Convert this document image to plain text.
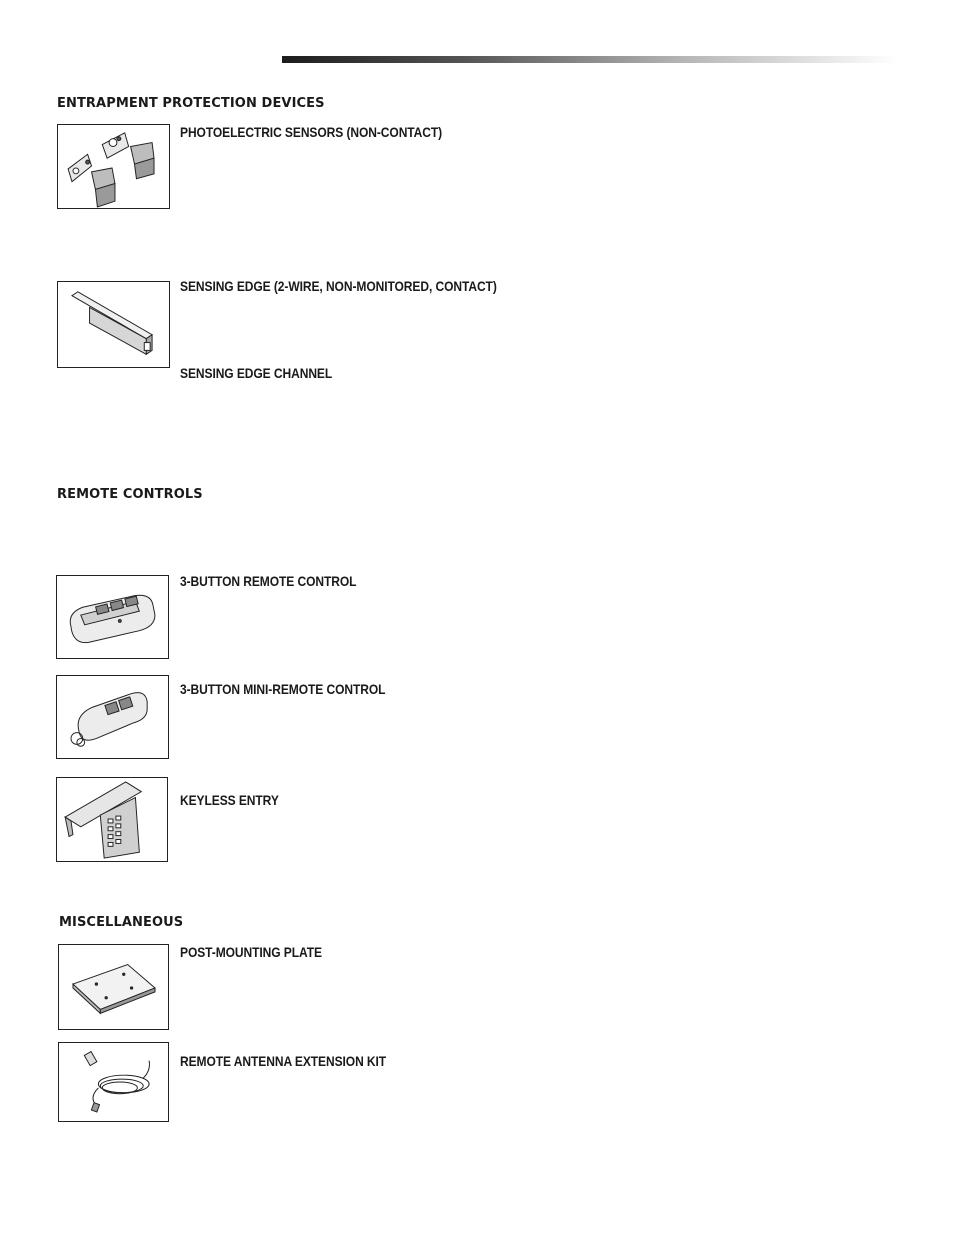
ENTRAPMENT PROTECTION DEVICES
PHOTOELECTRIC SENSORS (NON-CONTACT)
SENSING EDGE (2-WIRE, NON-MONITORED, CONTACT)
SENSING EDGE CHANNEL
REMOTE CONTROLS
3-BUTTON REMOTE CONTROL
3-BUTTON MINI-REMOTE CONTROL
KEYLESS ENTRY
MISCELLANEOUS
POST-MOUNTING PLATE
REMOTE ANTENNA EXTENSION KIT
